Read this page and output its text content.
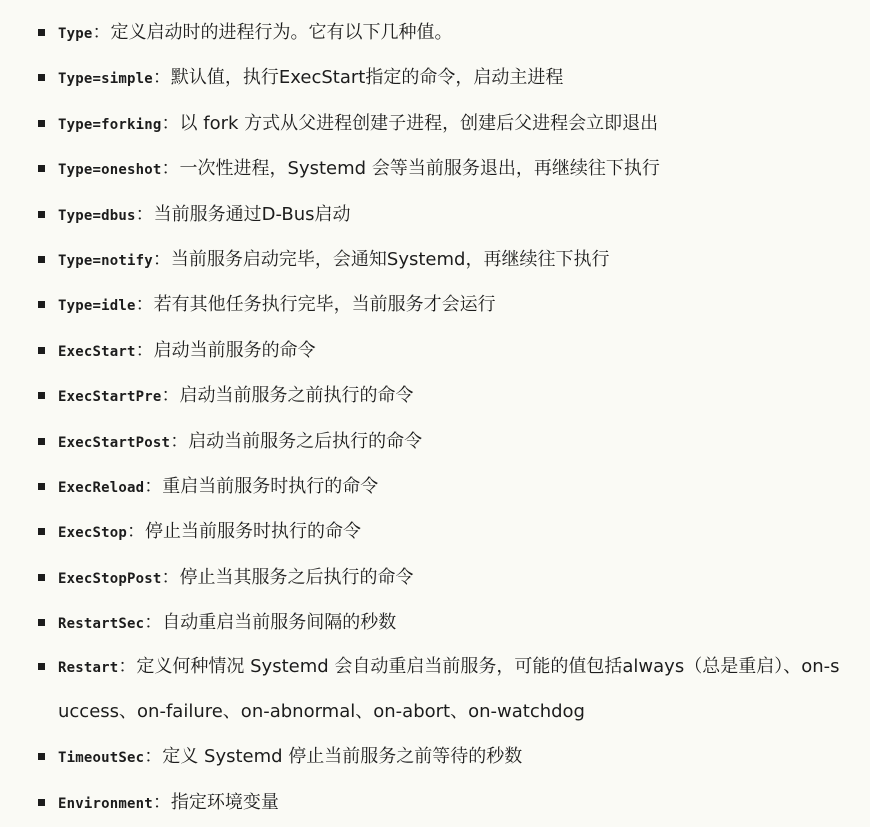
Type：定义启动时的进程行为。它有以下几种值。
Type=simple：默认值，执行ExecStart指定的命令，启动主进程
Type=forking：以 fork 方式从父进程创建子进程，创建后父进程会立即退出
Type=oneshot：一次性进程，Systemd 会等当前服务退出，再继续往下执行
Type=dbus：当前服务通过D-Bus启动
Type=notify：当前服务启动完毕，会通知Systemd，再继续往下执行
Type=idle：若有其他任务执行完毕，当前服务才会运行
ExecStart：启动当前服务的命令
ExecStartPre：启动当前服务之前执行的命令
ExecStartPost：启动当前服务之后执行的命令
ExecReload：重启当前服务时执行的命令
ExecStop：停止当前服务时执行的命令
ExecStopPost：停止当其服务之后执行的命令
RestartSec：自动重启当前服务间隔的秒数
Restart：定义何种情况 Systemd 会自动重启当前服务，可能的值包括always（总是重启）、on-success、on-failure、on-abnormal、on-abort、on-watchdog
TimeoutSec：定义 Systemd 停止当前服务之前等待的秒数
Environment：指定环境变量
